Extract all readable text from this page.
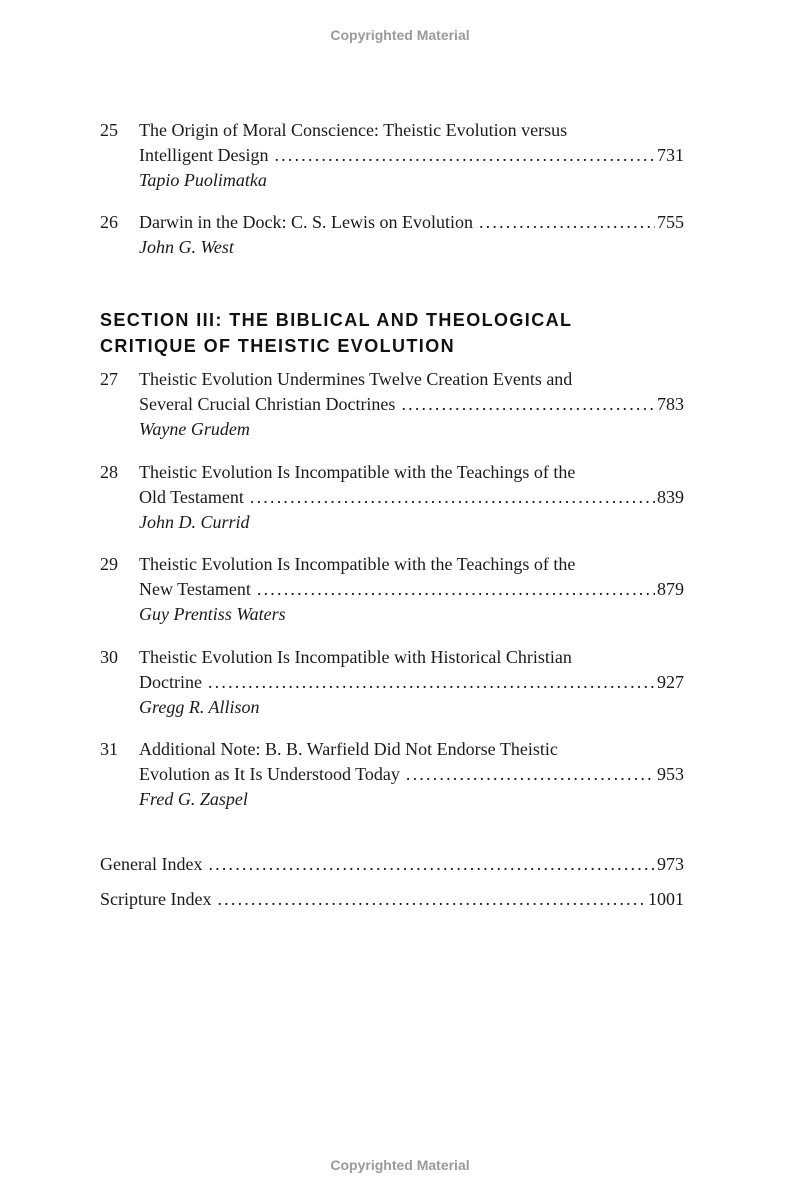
Copyrighted Material
25	The Origin of Moral Conscience: Theistic Evolution versus
Intelligent Design .....	731
Tapio Puolimatka
26	Darwin in the Dock: C. S. Lewis on Evolution .....	755
John G. West
SECTION III: THE BIBLICAL AND THEOLOGICAL
CRITIQUE OF THEISTIC EVOLUTION
27	Theistic Evolution Undermines Twelve Creation Events and
Several Crucial Christian Doctrines .....	783
Wayne Grudem
28	Theistic Evolution Is Incompatible with the Teachings of the
Old Testament .....	839
John D. Currid
29	Theistic Evolution Is Incompatible with the Teachings of the
New Testament .....	879
Guy Prentiss Waters
30	Theistic Evolution Is Incompatible with Historical Christian
Doctrine .....	927
Gregg R. Allison
31	Additional Note: B. B. Warfield Did Not Endorse Theistic
Evolution as It Is Understood Today .....	953
Fred G. Zaspel
General Index .....	973
Scripture Index .....	1001
Copyrighted Material
